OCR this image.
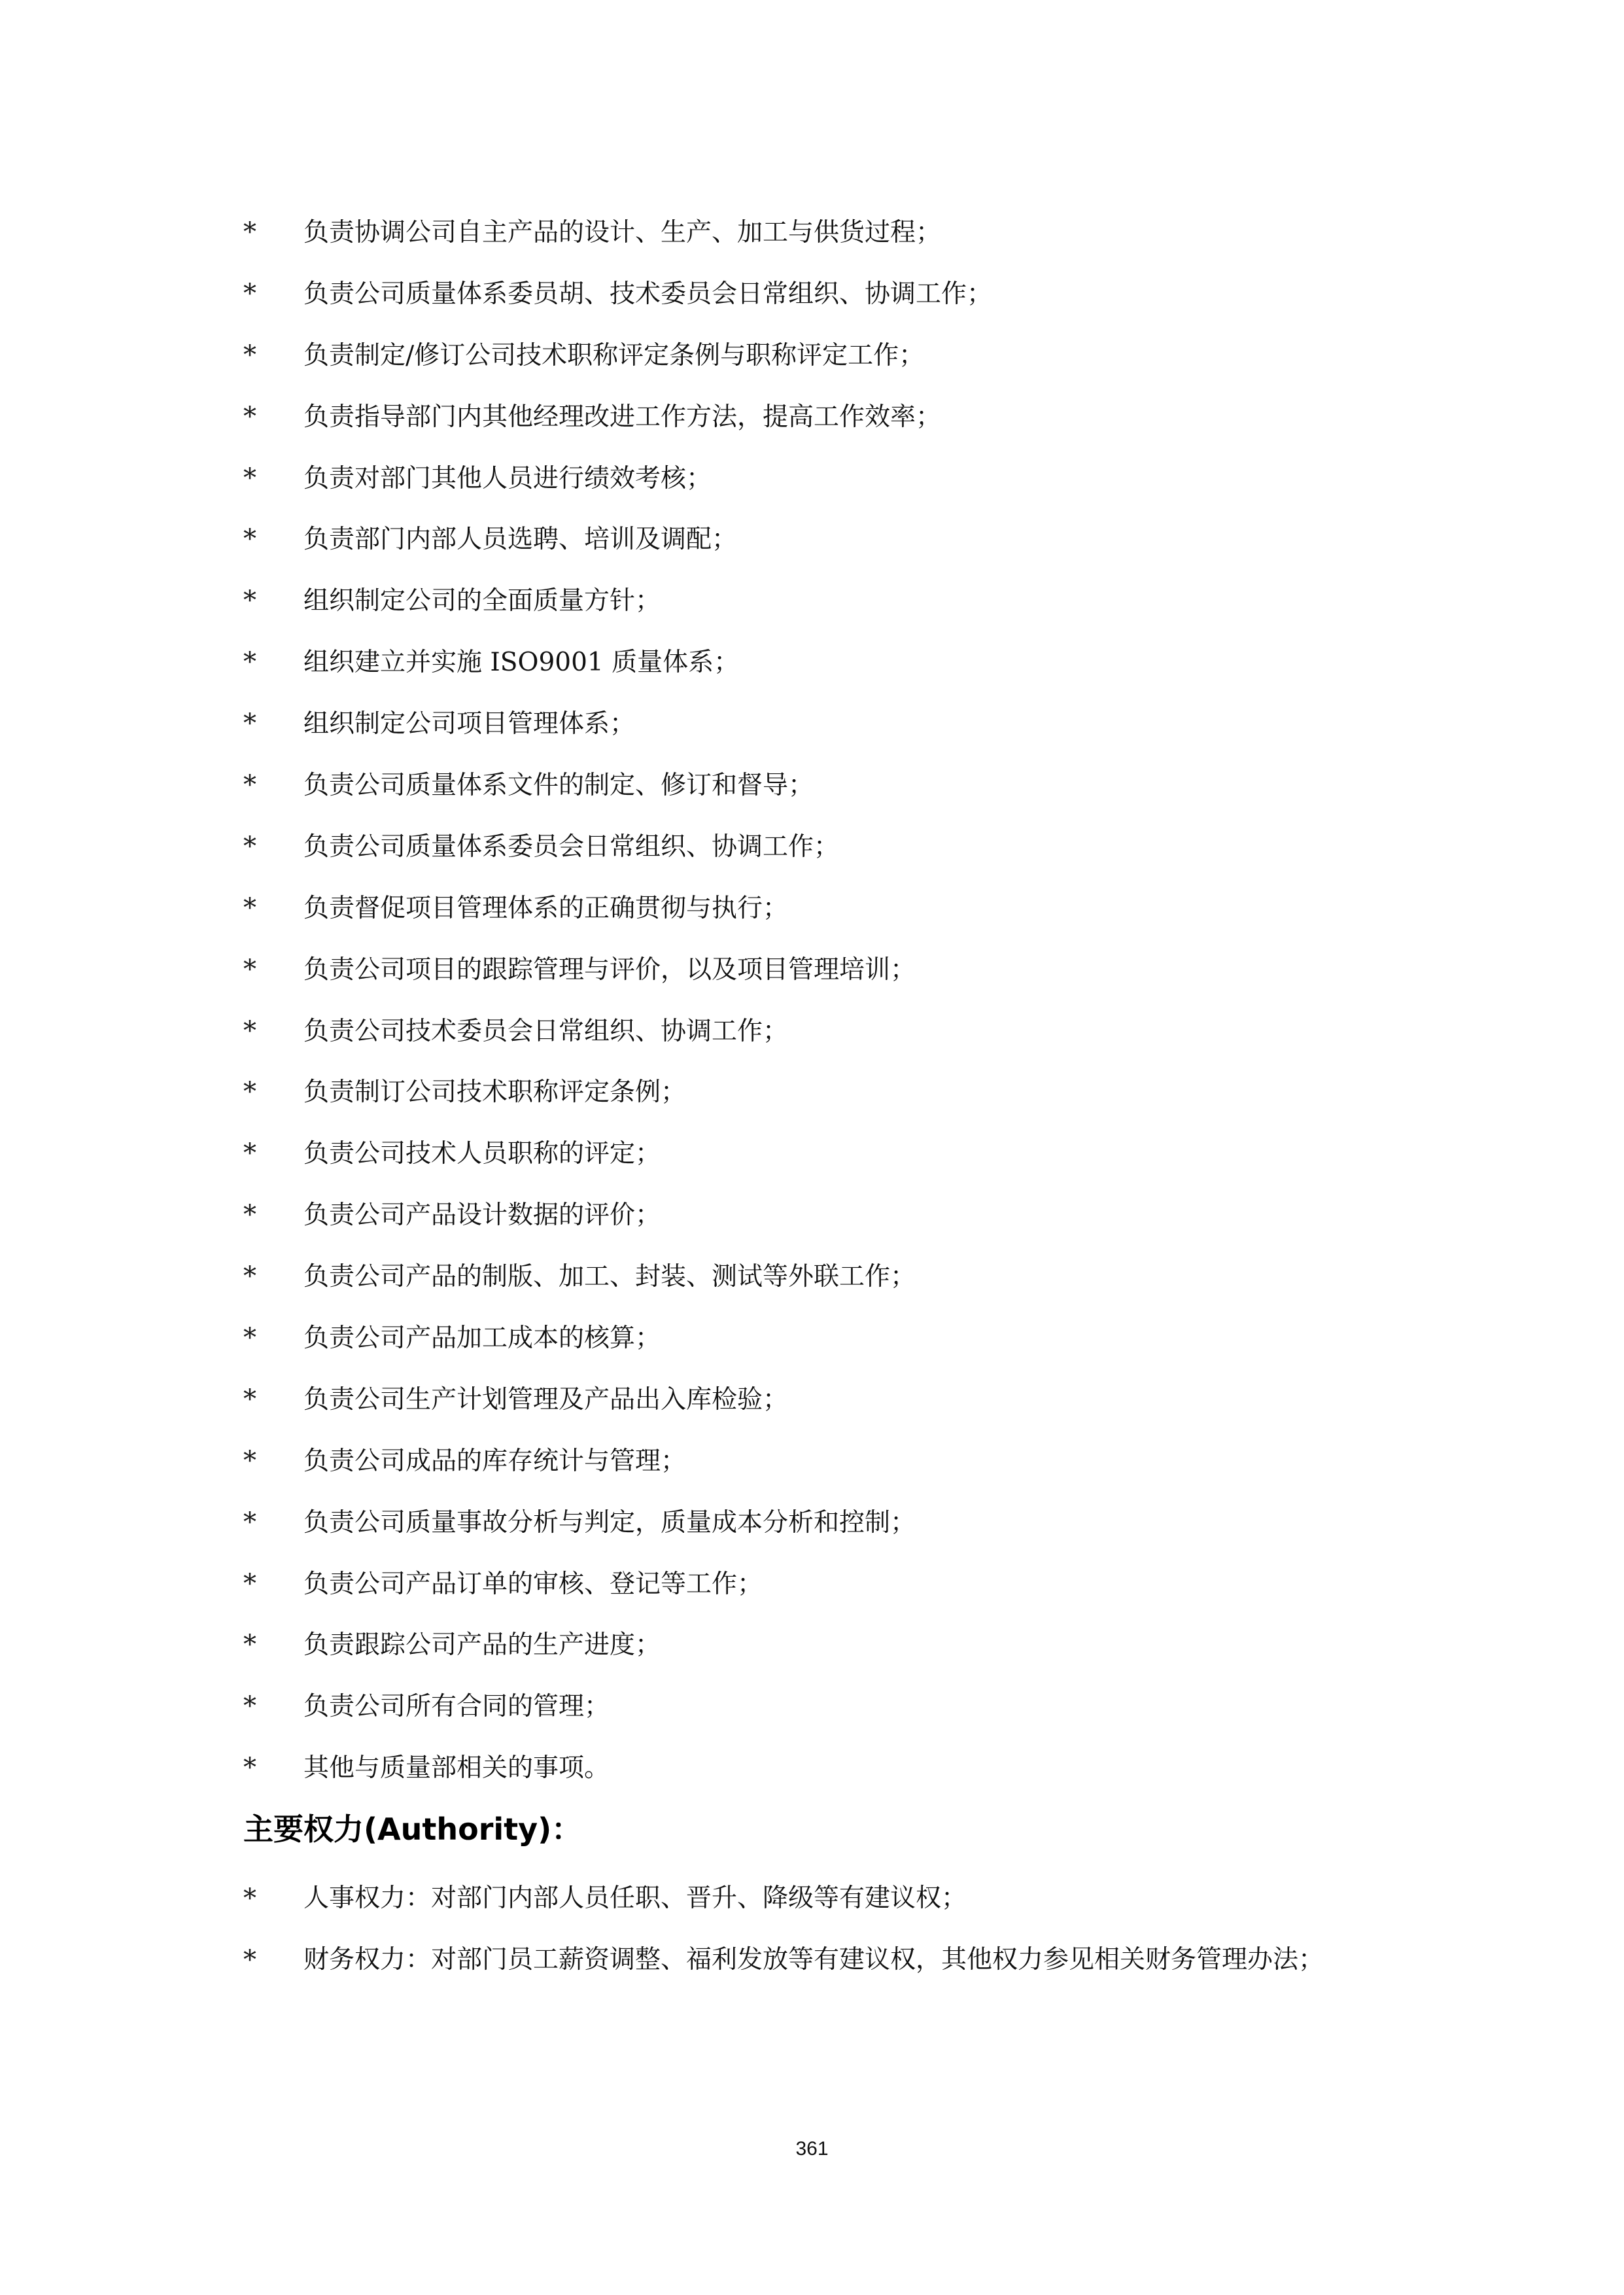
*	负责协调公司自主产品的设计、生产、加工与供货过程；
*	负责公司质量体系委员胡、技术委员会日常组织、协调工作；
*	负责制定/修订公司技术职称评定条例与职称评定工作；
*	负责指导部门内其他经理改进工作方法，提高工作效率；
*	负责对部门其他人员进行绩效考核；
*	负责部门内部人员选聘、培训及调配；
*	组织制定公司的全面质量方针；
*	组织建立并实施 ISO9001 质量体系；
*	组织制定公司项目管理体系；
*	负责公司质量体系文件的制定、修订和督导；
*	负责公司质量体系委员会日常组织、协调工作；
*	负责督促项目管理体系的正确贯彻与执行；
*	负责公司项目的跟踪管理与评价，以及项目管理培训；
*	负责公司技术委员会日常组织、协调工作；
*	负责制订公司技术职称评定条例；
*	负责公司技术人员职称的评定；
*	负责公司产品设计数据的评价；
*	负责公司产品的制版、加工、封装、测试等外联工作；
*	负责公司产品加工成本的核算；
*	负责公司生产计划管理及产品出入库检验；
*	负责公司成品的库存统计与管理；
*	负责公司质量事故分析与判定，质量成本分析和控制；
*	负责公司产品订单的审核、登记等工作；
*	负责跟踪公司产品的生产进度；
*	负责公司所有合同的管理；
*	其他与质量部相关的事项。
主要权力(Authority)：
*	人事权力：对部门内部人员任职、晋升、降级等有建议权；
*	财务权力：对部门员工薪资调整、福利发放等有建议权，其他权力参见相关财务管理办法；
361
